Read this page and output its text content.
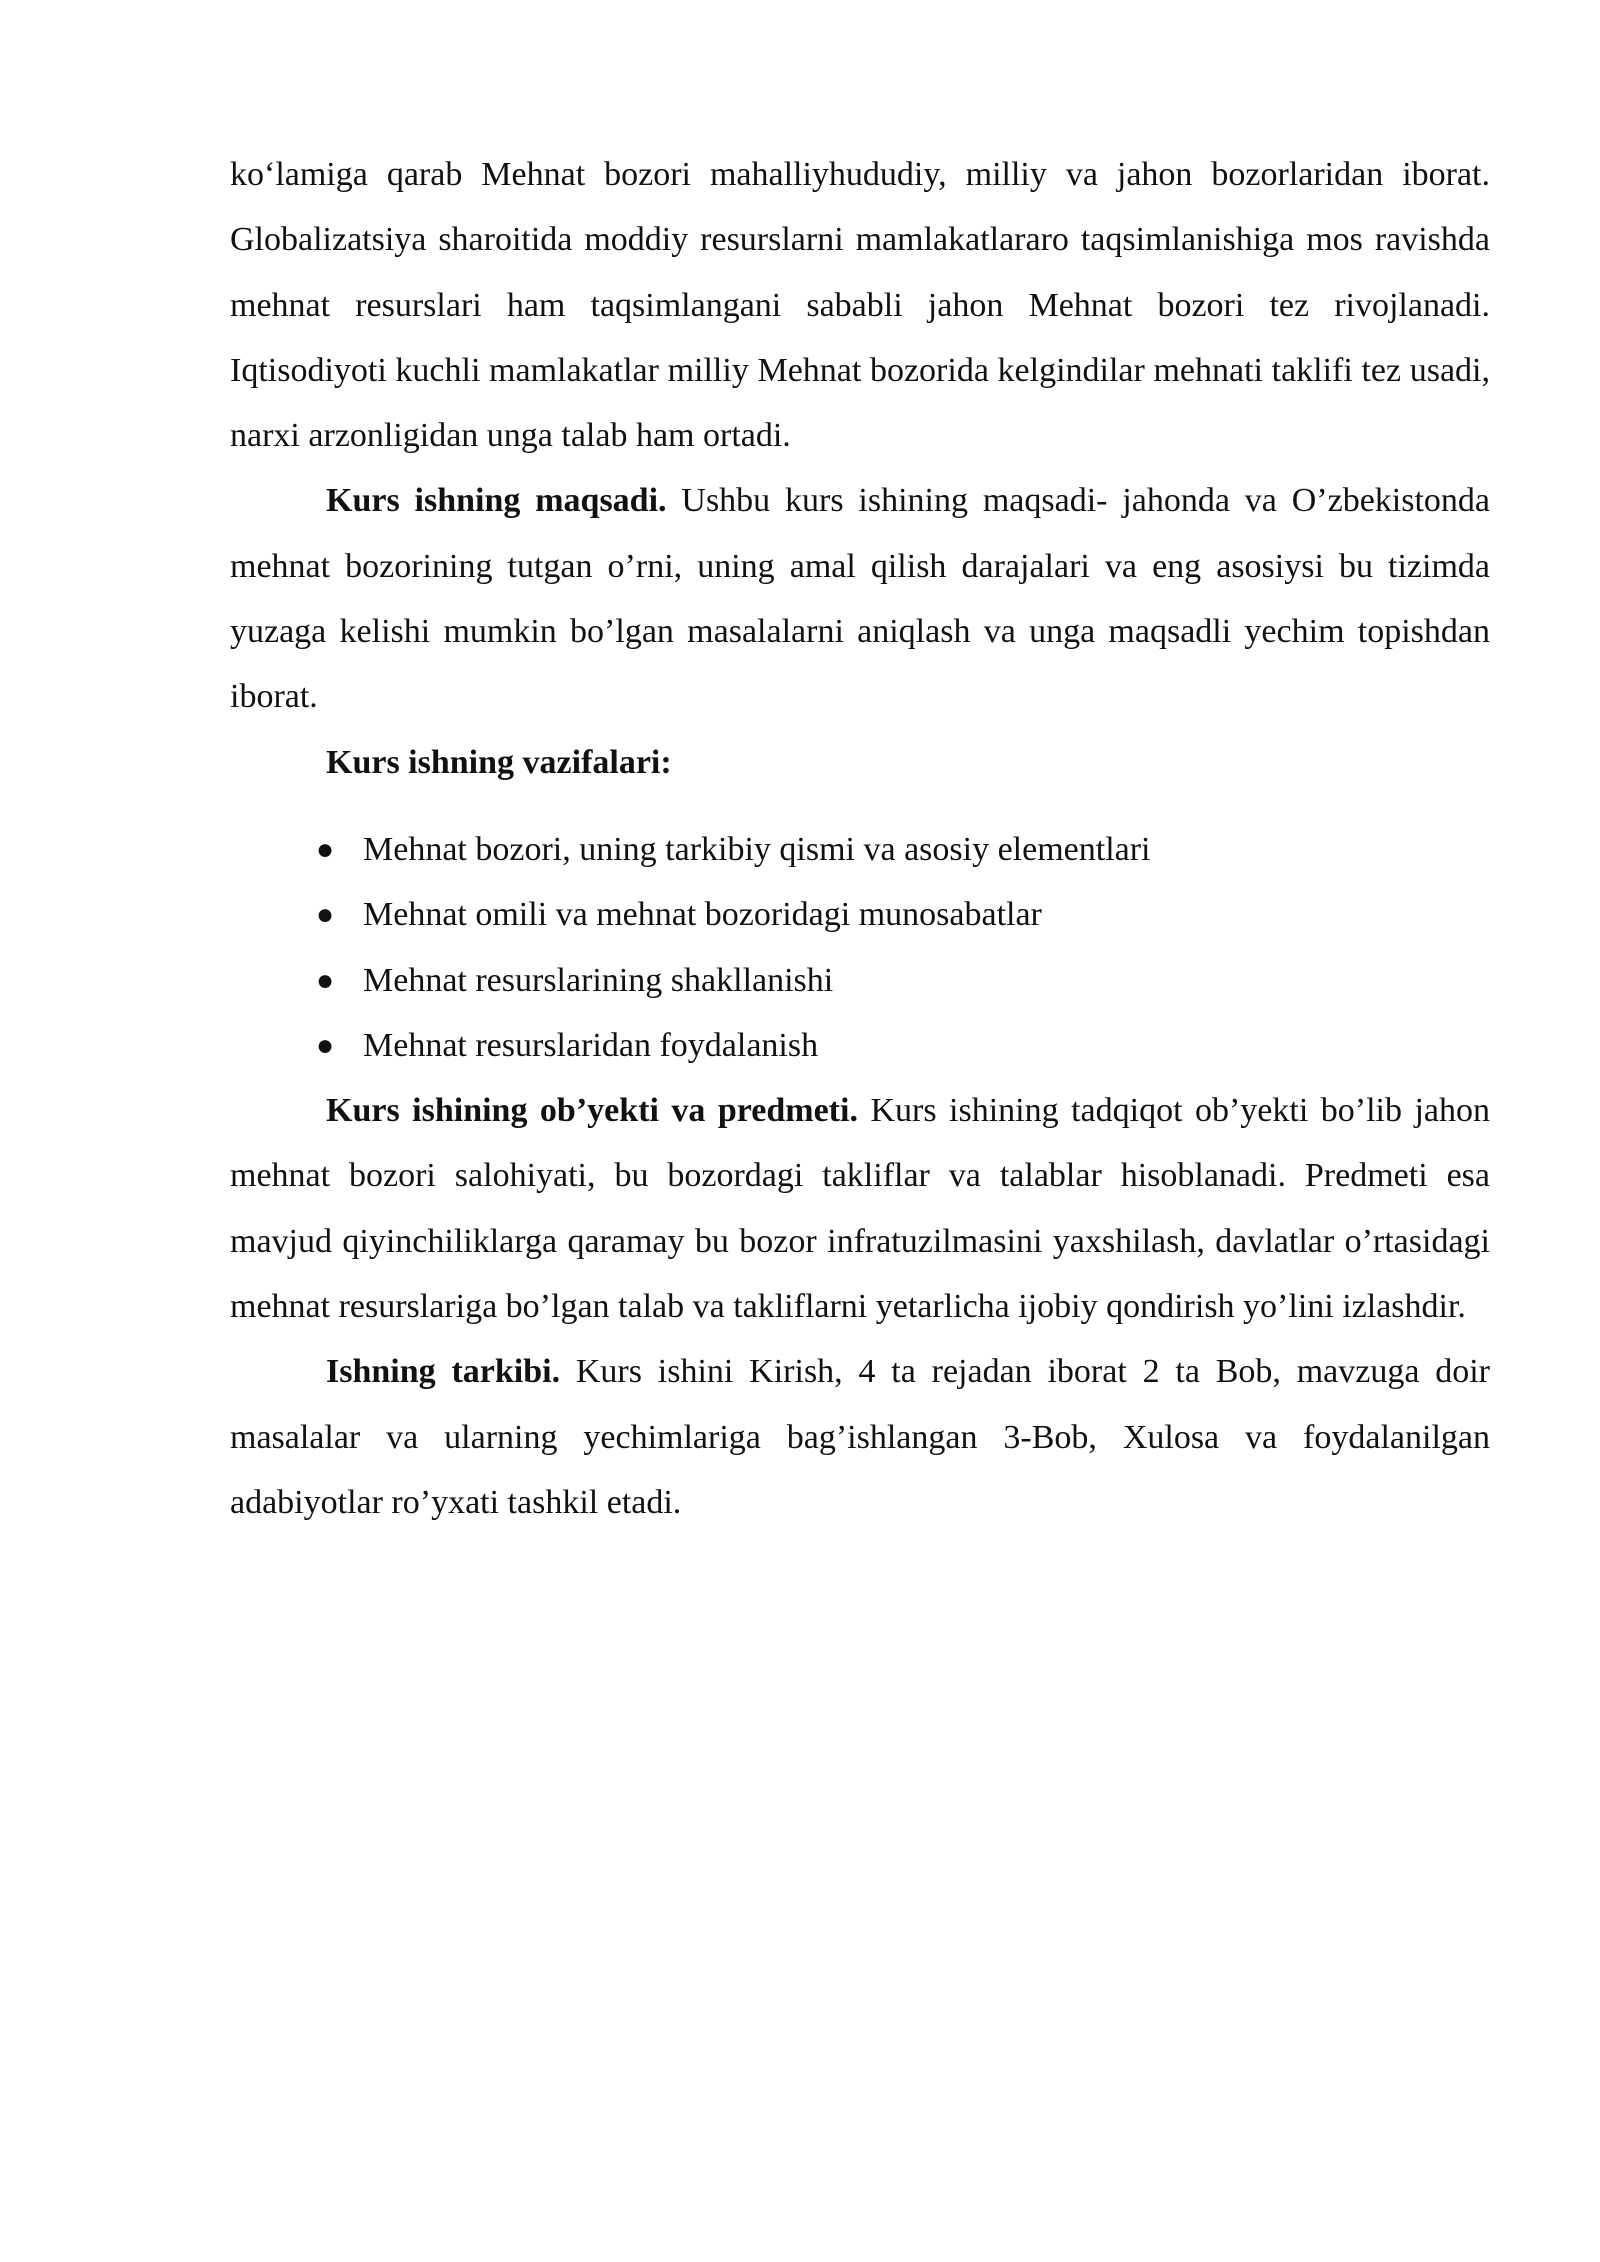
ko‘lamiga qarab Mehnat bozori mahalliyhududiy, milliy va jahon bozorlaridan iborat. Globalizatsiya sharoitida moddiy resurslarni mamlakatlararo taqsimlanishiga mos ravishda mehnat resurslari ham taqsimlangani sababli jahon Mehnat bozori tez rivojlanadi. Iqtisodiyoti kuchli mamlakatlar milliy Mehnat bozorida kelgindilar mehnati taklifi tez usadi, narxi arzonligidan unga talab ham ortadi.

Kurs ishning maqsadi. Ushbu kurs ishining maqsadi- jahonda va O’zbekistonda mehnat bozorining tutgan o’rni, uning amal qilish darajalari va eng asosiysi bu tizimda yuzaga kelishi mumkin bo’lgan masalalarni aniqlash va unga maqsadli yechim topishdan iborat.

Kurs ishning vazifalari:

● Mehnat bozori, uning tarkibiy qismi va asosiy elementlari
● Mehnat omili va mehnat bozoridagi munosabatlar
● Mehnat resurslarining shakllanishi
● Mehnat resurslaridan foydalanish

Kurs ishining ob’yekti va predmeti. Kurs ishining tadqiqot ob’yekti bo’lib jahon mehnat bozori salohiyati, bu bozordagi takliflar va talablar hisoblanadi. Predmeti esa mavjud qiyinchiliklarga qaramay bu bozor infratuzilmasini yaxshilash, davlatlar o’rtasidagi mehnat resurslariga bo’lgan talab va takliflarni yetarlicha ijobiy qondirish yo’lini izlashdir.

Ishning tarkibi. Kurs ishini Kirish, 4 ta rejadan iborat 2 ta Bob, mavzuga doir masalalar va ularning yechimlariga bag’ishlangan 3-Bob, Xulosa va foydalanilgan adabiyotlar ro’yxati tashkil etadi.
